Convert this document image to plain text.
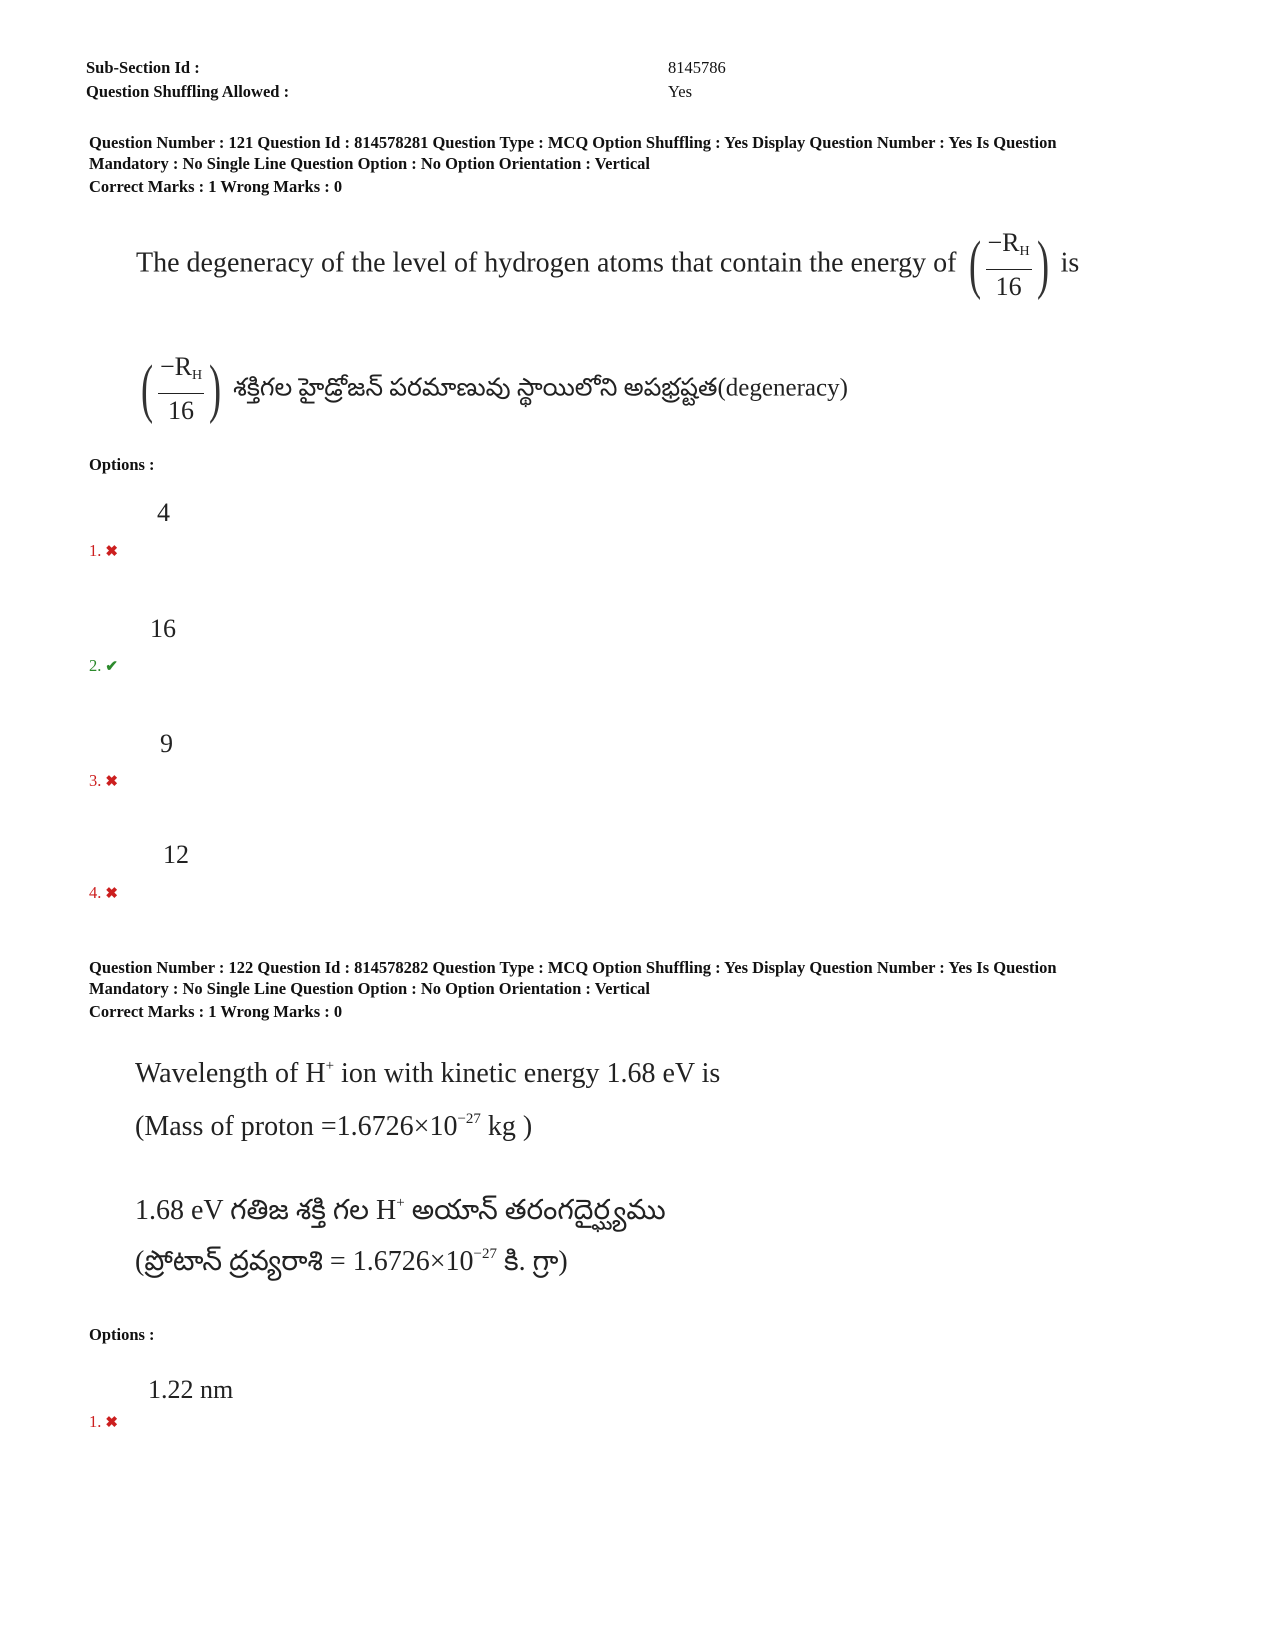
Sub-Section Id :	8145786
Question Shuffling Allowed :	Yes
Question Number : 121 Question Id : 814578281 Question Type : MCQ Option Shuffling : Yes Display Question Number : Yes Is Question
Mandatory : No Single Line Question Option : No Option Orientation : Vertical
Correct Marks : 1 Wrong Marks : 0
The degeneracy of the level of hydrogen atoms that contain the energy of ( $\frac{-R_H}{16}$ ) is
( $\frac{-R_H}{16}$ ) శక్తిగల హైడ్రోజన్ పరమాణువు స్థాయిలోని అపభ్రష్టత(degeneracy)
Options :
4
1. ✖
16
2. ✔
9
3. ✖
12
4. ✖
Question Number : 122 Question Id : 814578282 Question Type : MCQ Option Shuffling : Yes Display Question Number : Yes Is Question
Mandatory : No Single Line Question Option : No Option Orientation : Vertical
Correct Marks : 1 Wrong Marks : 0
Wavelength of H+ ion with kinetic energy 1.68 eV is
(Mass of proton $=1.6726\times 10^{-27}$ kg )
1.68 eV గతిజ శక్తి గల H+ అయాన్ తరంగదైర్ఘ్యము
(ప్రోటాన్ ద్రవ్యరాశి = $1.6726\times 10^{-27}$ కి. గ్రా)
Options :
1.22 nm
1. ✖
